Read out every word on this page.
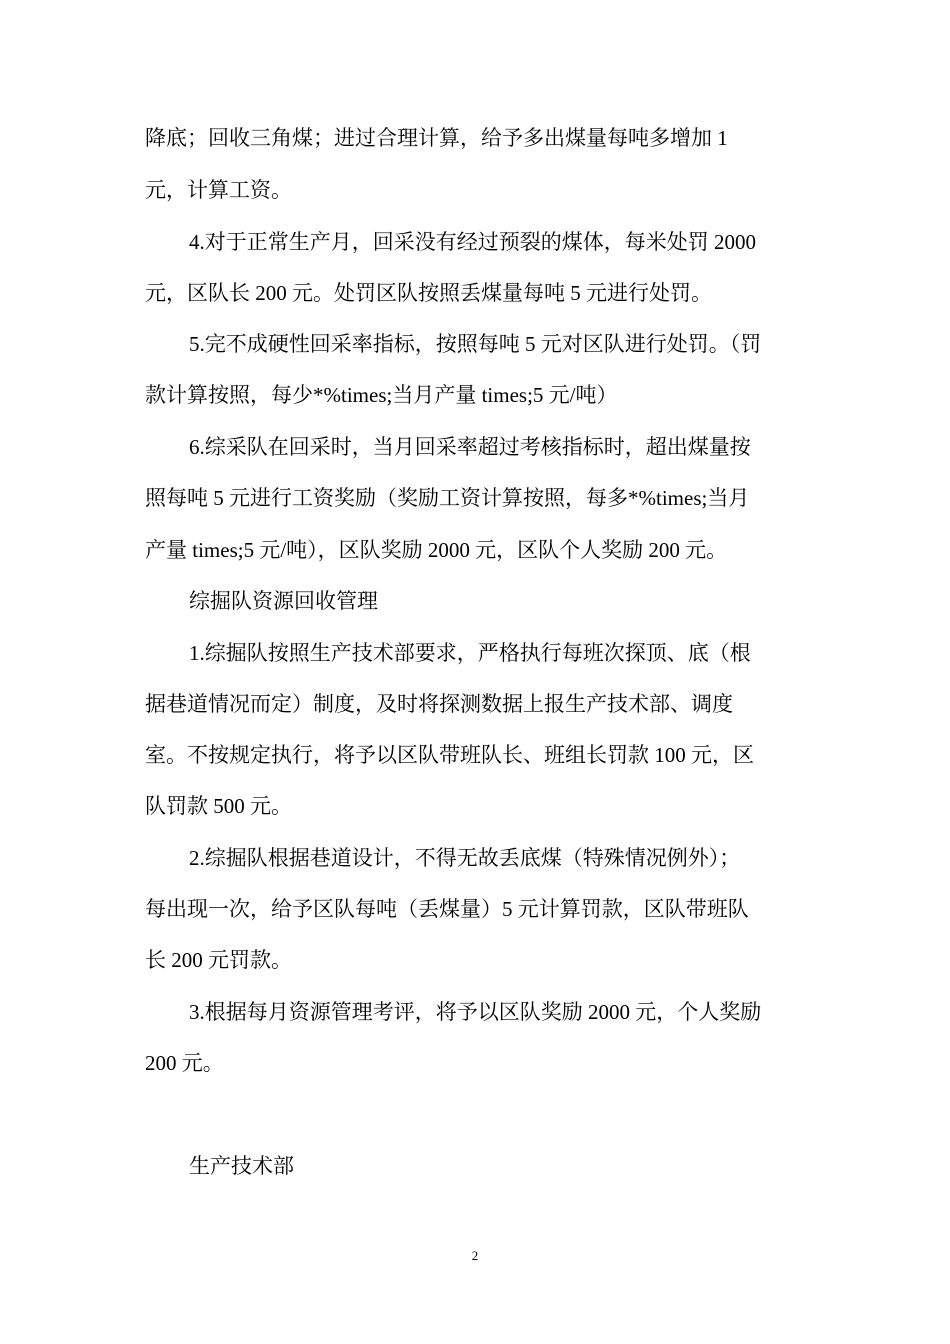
降底；回收三角煤；进过合理计算，给予多出煤量每吨多增加 1
元，计算工资。
4.对于正常生产月，回采没有经过预裂的煤体，每米处罚 2000
元，区队长 200 元。处罚区队按照丢煤量每吨 5 元进行处罚。
5.完不成硬性回采率指标，按照每吨 5 元对区队进行处罚。（罚
款计算按照，每少*%times;当月产量 times;5 元/吨）
6.综采队在回采时，当月回采率超过考核指标时，超出煤量按
照每吨 5 元进行工资奖励（奖励工资计算按照，每多*%times;当月
产量 times;5 元/吨），区队奖励 2000 元，区队个人奖励 200 元。
综掘队资源回收管理
1.综掘队按照生产技术部要求，严格执行每班次探顶、底（根
据巷道情况而定）制度，及时将探测数据上报生产技术部、调度
室。不按规定执行，将予以区队带班队长、班组长罚款 100 元，区
队罚款 500 元。
2.综掘队根据巷道设计，不得无故丢底煤（特殊情况例外）；
每出现一次，给予区队每吨（丢煤量）5 元计算罚款，区队带班队
长 200 元罚款。
3.根据每月资源管理考评，将予以区队奖励 2000 元，个人奖励
200 元。
生产技术部
2
